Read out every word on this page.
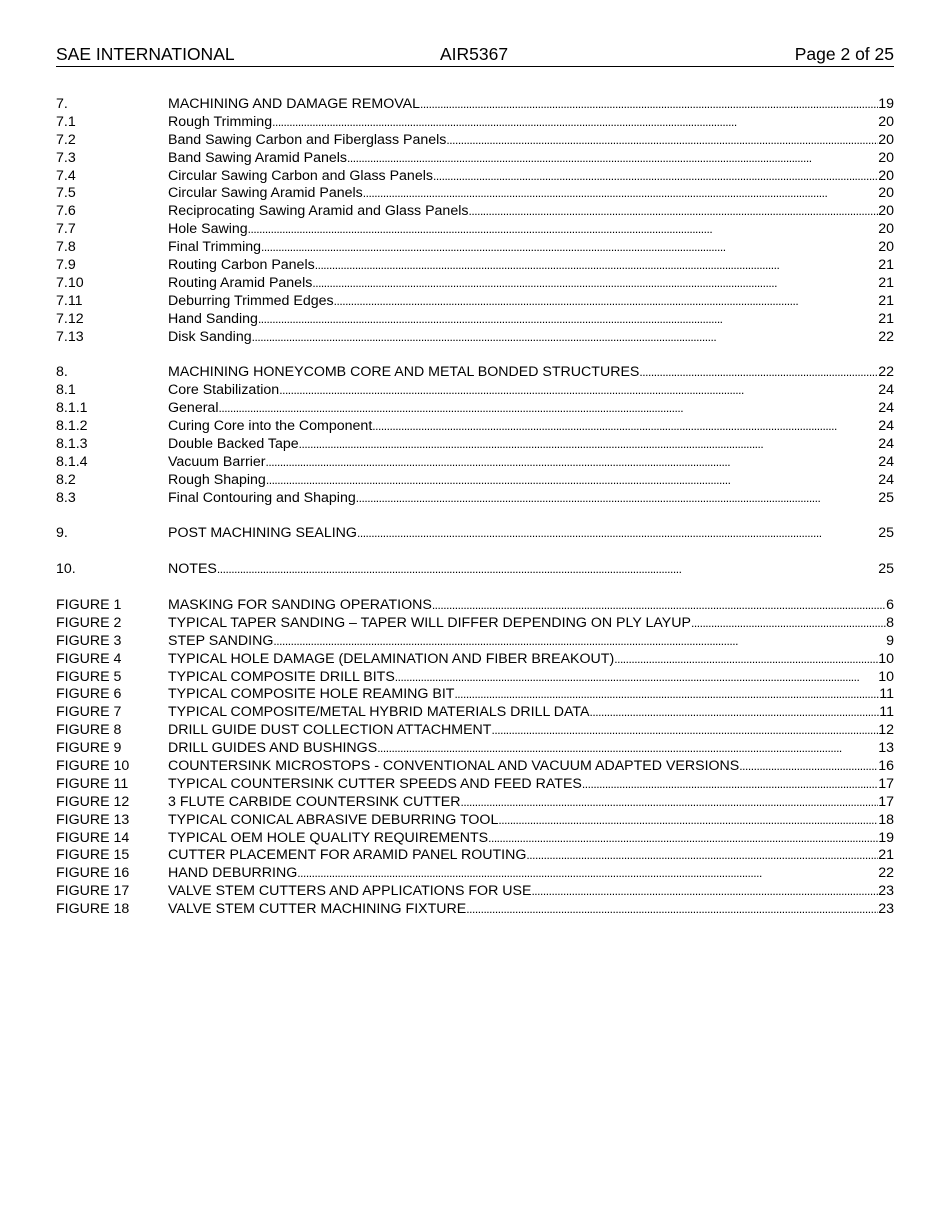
SAE INTERNATIONAL	AIR5367	Page 2 of 25
7.	MACHINING AND DAMAGE REMOVAL . . .	19
7.1	Rough Trimming . . .	20
7.2	Band Sawing Carbon and Fiberglass Panels . . .	20
7.3	Band Sawing Aramid Panels . . .	20
7.4	Circular Sawing Carbon and Glass Panels . . .	20
7.5	Circular Sawing Aramid Panels . . .	20
7.6	Reciprocating Sawing Aramid and Glass Panels . . .	20
7.7	Hole Sawing . . .	20
7.8	Final Trimming . . .	20
7.9	Routing Carbon Panels . . .	21
7.10	Routing Aramid Panels . . .	21
7.11	Deburring Trimmed Edges . . .	21
7.12	Hand Sanding . . .	21
7.13	Disk Sanding . . .	22
8.	MACHINING HONEYCOMB CORE AND METAL BONDED STRUCTURES . . .	22
8.1	Core Stabilization . . .	24
8.1.1	General . . .	24
8.1.2	Curing Core into the Component . . .	24
8.1.3	Double Backed Tape . . .	24
8.1.4	Vacuum Barrier . . .	24
8.2	Rough Shaping . . .	24
8.3	Final Contouring and Shaping . . .	25
9.	POST MACHINING SEALING . . .	25
10.	NOTES . . .	25
FIGURE 1	MASKING FOR SANDING OPERATIONS . . .	6
FIGURE 2	TYPICAL TAPER SANDING – TAPER WILL DIFFER DEPENDING ON PLY LAYUP . . .	8
FIGURE 3	STEP SANDING . . .	9
FIGURE 4	TYPICAL HOLE DAMAGE (DELAMINATION AND FIBER BREAKOUT) . . .	10
FIGURE 5	TYPICAL COMPOSITE DRILL BITS . . .	10
FIGURE 6	TYPICAL COMPOSITE HOLE REAMING BIT . . .	11
FIGURE 7	TYPICAL COMPOSITE/METAL HYBRID MATERIALS DRILL DATA . . .	11
FIGURE 8	DRILL GUIDE DUST COLLECTION ATTACHMENT . . .	12
FIGURE 9	DRILL GUIDES AND BUSHINGS . . .	13
FIGURE 10	COUNTERSINK MICROSTOPS - CONVENTIONAL AND VACUUM ADAPTED VERSIONS . . .	16
FIGURE 11	TYPICAL COUNTERSINK CUTTER SPEEDS AND FEED RATES . . .	17
FIGURE 12	3 FLUTE CARBIDE COUNTERSINK CUTTER . . .	17
FIGURE 13	TYPICAL CONICAL ABRASIVE DEBURRING TOOL . . .	18
FIGURE 14	TYPICAL OEM HOLE QUALITY REQUIREMENTS . . .	19
FIGURE 15	CUTTER PLACEMENT FOR ARAMID PANEL ROUTING . . .	21
FIGURE 16	HAND DEBURRING . . .	22
FIGURE 17	VALVE STEM CUTTERS AND APPLICATIONS FOR USE . . .	23
FIGURE 18	VALVE STEM CUTTER MACHINING FIXTURE . . .	23
